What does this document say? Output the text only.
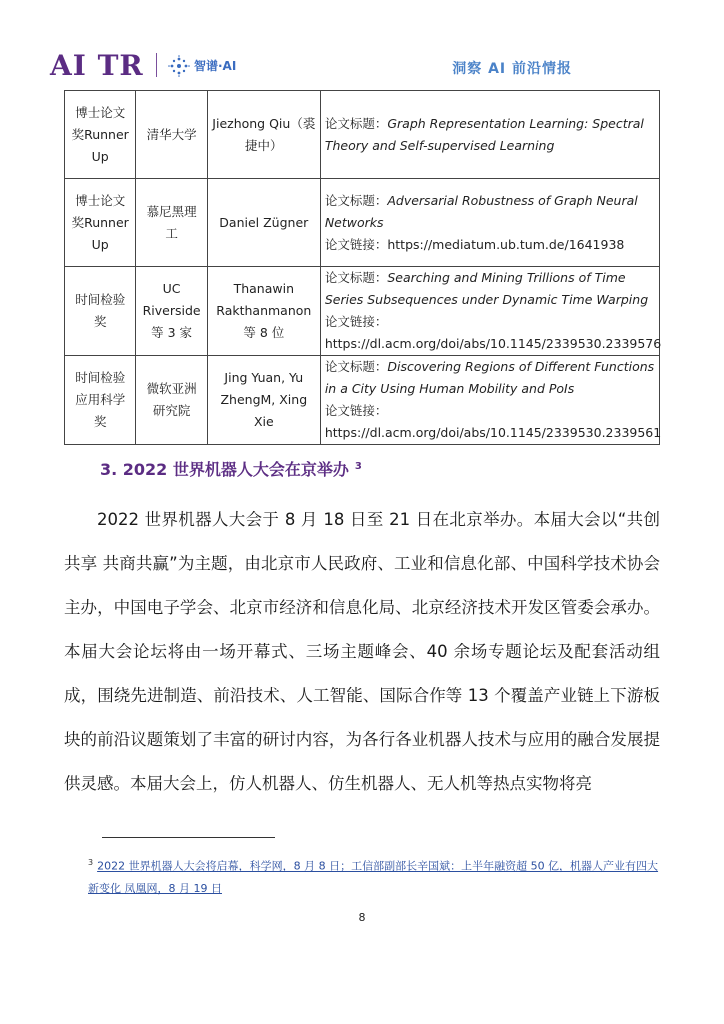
AI TR	智谱·AI	洞察 AI 前沿情报
博士论文奖Runner Up	清华大学	Jiezhong Qiu（裘捷中）	论文标题：Graph Representation Learning: Spectral Theory and Self-supervised Learning
博士论文奖Runner Up	慕尼黑理工	Daniel Zügner	论文标题：Adversarial Robustness of Graph Neural Networks
论文链接：https://mediatum.ub.tum.de/1641938

时间检验奖	UC Riverside 等 3 家	Thanawin Rakthanmanon 等 8 位	论文标题：Searching and Mining Trillions of Time Series Subsequences under Dynamic Time Warping
论文链接：
https://dl.acm.org/doi/abs/10.1145/2339530.2339576

时间检验应用科学奖	微软亚洲研究院	Jing Yuan, Yu ZhengM, Xing Xie	论文标题：Discovering Regions of Different Functions in a City Using Human Mobility and PoIs
论文链接：
https://dl.acm.org/doi/abs/10.1145/2339530.2339561
3. 2022 世界机器人大会在京举办 $^3$

2022 世界机器人大会于 8 月 18 日至 21 日在北京举办。本届大会以“共创共享 共商共赢”为主题，由北京市人民政府、工业和信息化部、中国科学技术协会主办，中国电子学会、北京市经济和信息化局、北京经济技术开发区管委会承办。本届大会论坛将由一场开幕式、三场主题峰会、40 余场专题论坛及配套活动组成，围绕先进制造、前沿技术、人工智能、国际合作等 13 个覆盖产业链上下游板块的前沿议题策划了丰富的研讨内容，为各行各业机器人技术与应用的融合发展提供灵感。本届大会上，仿人机器人、仿生机器人、无人机等热点实物将亮

$^3$ 2022 世界机器人大会将启幕，科学网，8 月 8 日；工信部副部长辛国斌：上半年融资超 50 亿，机器人产业有四大新变化 凤凰网，8 月 19 日

8
